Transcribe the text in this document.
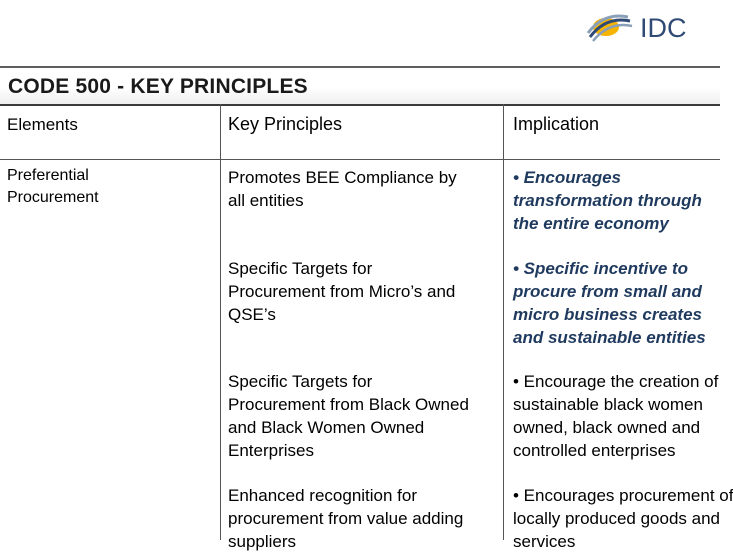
IDC
CODE 500 - KEY PRINCIPLES
Elements	Key Principles	Implication
Preferential
Procurement
Promotes BEE Compliance by
all entities
• Encourages
transformation through
the entire economy
Specific Targets for
Procurement from Micro’s and
QSE’s
• Specific incentive to
procure from small and
micro business creates
and sustainable entities
Specific Targets for
Procurement from Black Owned
and Black Women Owned
Enterprises
• Encourage the creation of
sustainable black women
owned, black owned and
controlled enterprises
Enhanced recognition for
procurement from value adding
suppliers
• Encourages procurement of
locally produced goods and
services
